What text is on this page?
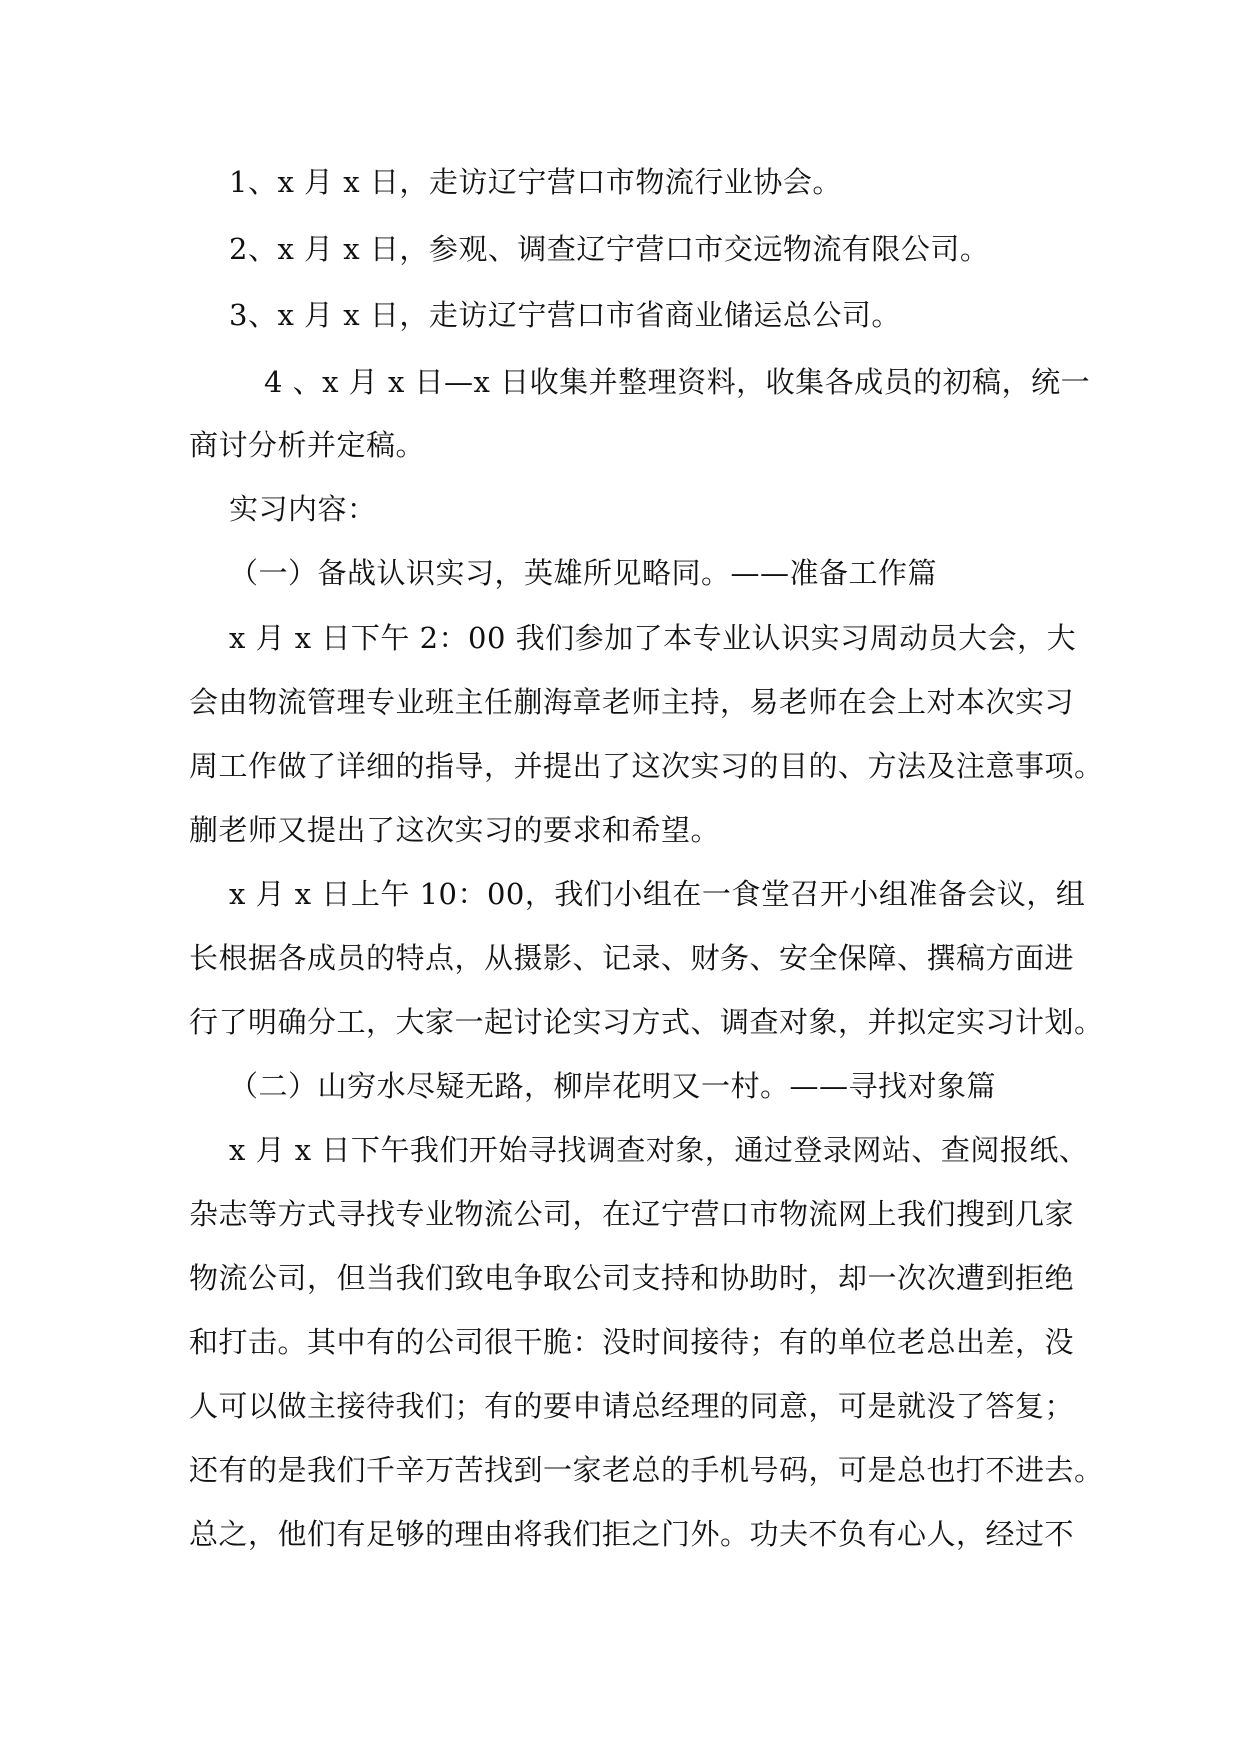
1、x 月 x 日，走访辽宁营口市物流行业协会。
2、x 月 x 日，参观、调查辽宁营口市交远物流有限公司。
3、x 月 x 日，走访辽宁营口市省商业储运总公司。
4 、x 月 x 日—x 日收集并整理资料，收集各成员的初稿，统一
商讨分析并定稿。
实习内容：
（一）备战认识实习，英雄所见略同。——准备工作篇
x 月 x 日下午 2：00 我们参加了本专业认识实习周动员大会，大
会由物流管理专业班主任蒯海章老师主持，易老师在会上对本次实习
周工作做了详细的指导，并提出了这次实习的目的、方法及注意事项。
蒯老师又提出了这次实习的要求和希望。
x 月 x 日上午 10：00，我们小组在一食堂召开小组准备会议，组
长根据各成员的特点，从摄影、记录、财务、安全保障、撰稿方面进
行了明确分工，大家一起讨论实习方式、调查对象，并拟定实习计划。
（二）山穷水尽疑无路，柳岸花明又一村。——寻找对象篇
x 月 x 日下午我们开始寻找调查对象，通过登录网站、查阅报纸、
杂志等方式寻找专业物流公司，在辽宁营口市物流网上我们搜到几家
物流公司，但当我们致电争取公司支持和协助时，却一次次遭到拒绝
和打击。其中有的公司很干脆：没时间接待；有的单位老总出差，没
人可以做主接待我们；有的要申请总经理的同意，可是就没了答复；
还有的是我们千辛万苦找到一家老总的手机号码，可是总也打不进去。
总之，他们有足够的理由将我们拒之门外。功夫不负有心人，经过不
